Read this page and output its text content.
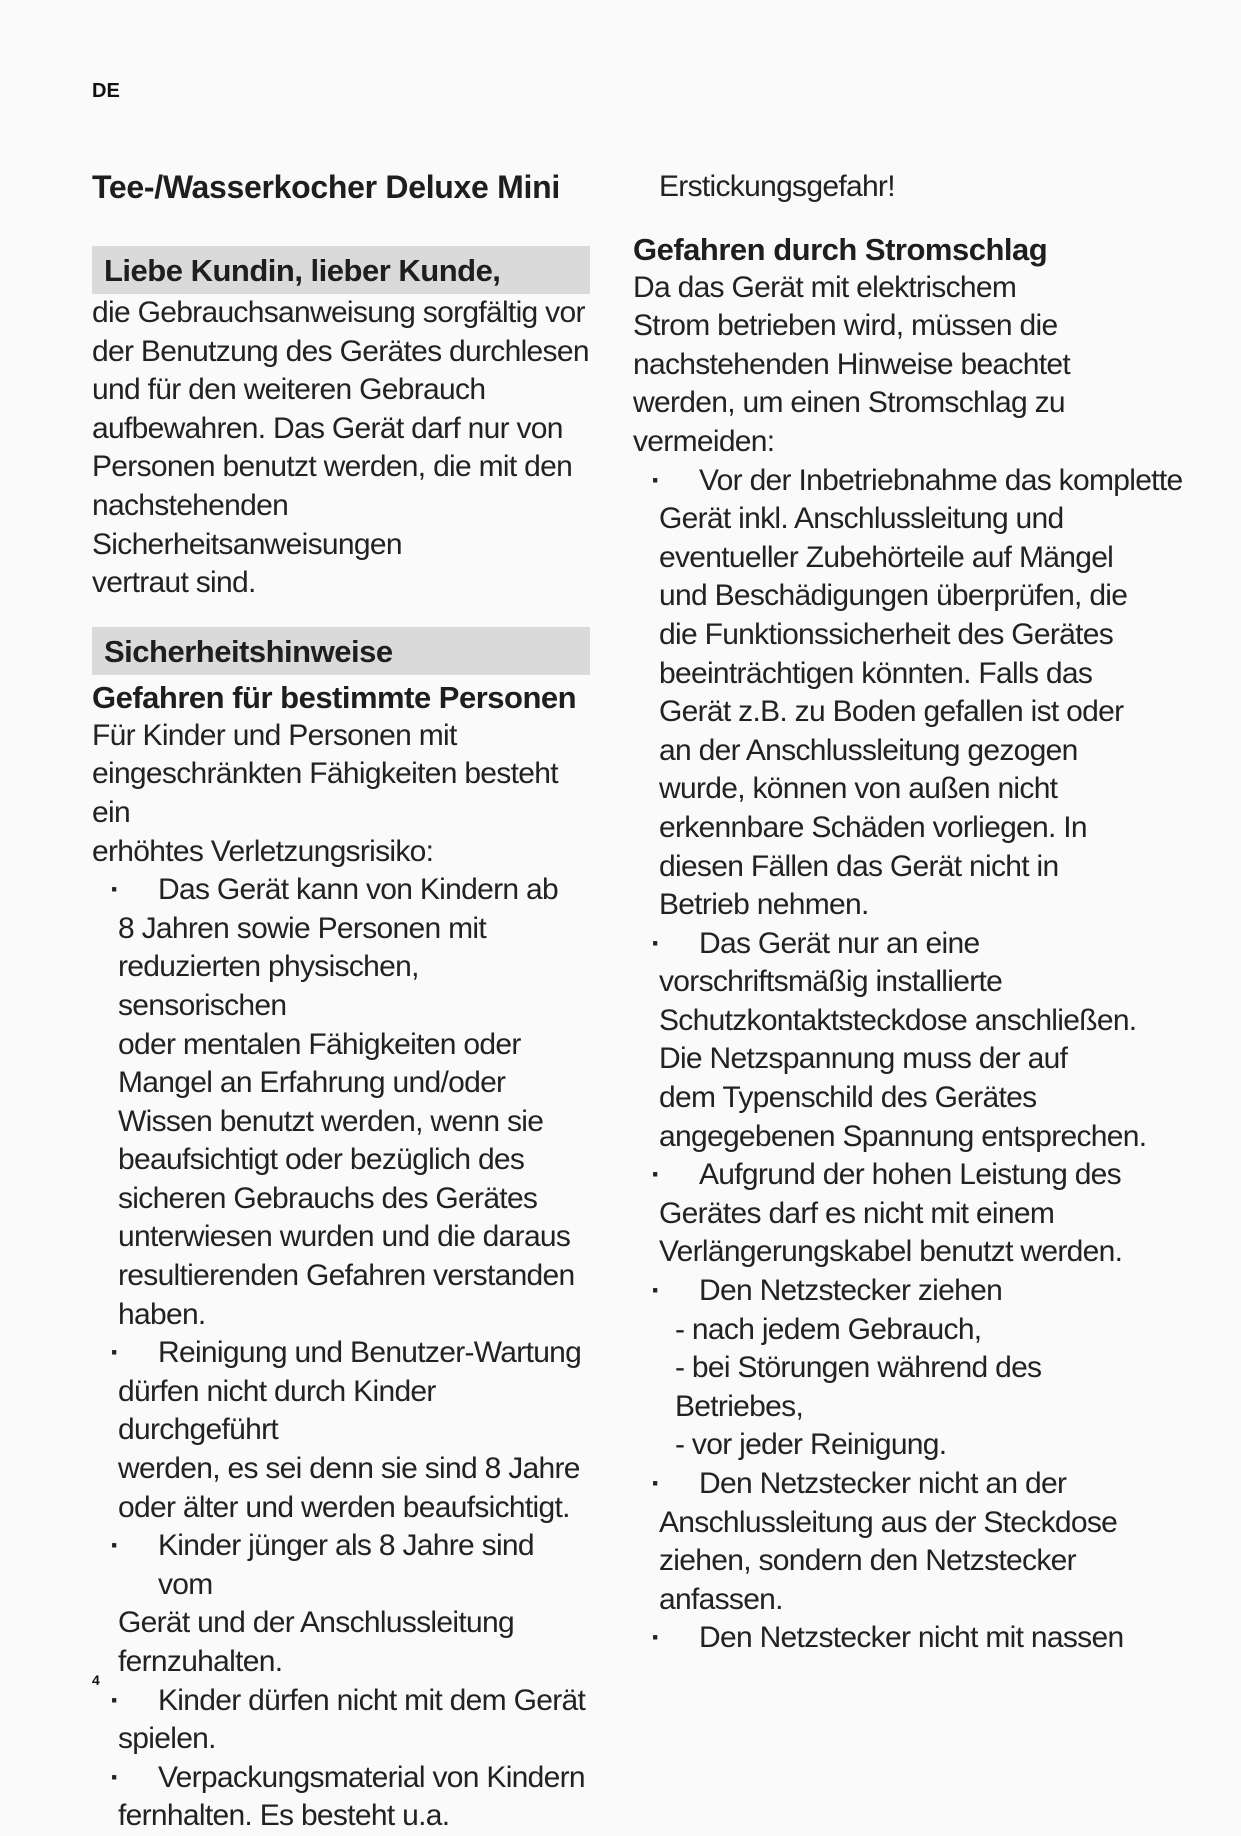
DE
Tee-/Wasserkocher Deluxe Mini
Liebe Kundin, lieber Kunde,
die Gebrauchsanweisung sorgfältig vor
der Benutzung des Gerätes durchlesen
und für den weiteren Gebrauch
aufbewahren. Das Gerät darf nur von
Personen benutzt werden, die mit den
nachstehenden Sicherheitsanweisungen
vertraut sind.
Sicherheitshinweise
Gefahren für bestimmte Personen
Für Kinder und Personen mit
eingeschränkten Fähigkeiten besteht ein
erhöhtes Verletzungsrisiko:
·	Das Gerät kann von Kindern ab
8 Jahren sowie Personen mit
reduzierten physischen, sensorischen
oder mentalen Fähigkeiten oder
Mangel an Erfahrung und/oder
Wissen benutzt werden, wenn sie
beaufsichtigt oder bezüglich des
sicheren Gebrauchs des Gerätes
unterwiesen wurden und die daraus
resultierenden Gefahren verstanden
haben.
·	Reinigung und Benutzer-Wartung
dürfen nicht durch Kinder durchgeführt
werden, es sei denn sie sind 8 Jahre
oder älter und werden beaufsichtigt.
·	Kinder jünger als 8 Jahre sind vom
Gerät und der Anschlussleitung
fernzuhalten.
·	Kinder dürfen nicht mit dem Gerät
spielen.
·	Verpackungsmaterial von Kindern
fernhalten. Es besteht u.a.
Erstickungsgefahr!
Gefahren durch Stromschlag
Da das Gerät mit elektrischem
Strom betrieben wird, müssen die
nachstehenden Hinweise beachtet
werden, um einen Stromschlag zu
vermeiden:
·	Vor der Inbetriebnahme das komplette
Gerät inkl. Anschlussleitung und
eventueller Zubehörteile auf Mängel
und Beschädigungen überprüfen, die
die Funktionssicherheit des Gerätes
beeinträchtigen könnten. Falls das
Gerät z.B. zu Boden gefallen ist oder
an der Anschlussleitung gezogen
wurde, können von außen nicht
erkennbare Schäden vorliegen. In
diesen Fällen das Gerät nicht in
Betrieb nehmen.
·	Das Gerät nur an eine
vorschriftsmäßig installierte
Schutzkontaktsteckdose anschließen.
Die Netzspannung muss der auf
dem Typenschild des Gerätes
angegebenen Spannung entsprechen.
·	Aufgrund der hohen Leistung des
Gerätes darf es nicht mit einem
Verlängerungskabel benutzt werden.
·	Den Netzstecker ziehen
- nach jedem Gebrauch,
- bei Störungen während des
Betriebes,
- vor jeder Reinigung.
·	Den Netzstecker nicht an der
Anschlussleitung aus der Steckdose
ziehen, sondern den Netzstecker
anfassen.
·	Den Netzstecker nicht mit nassen
4
